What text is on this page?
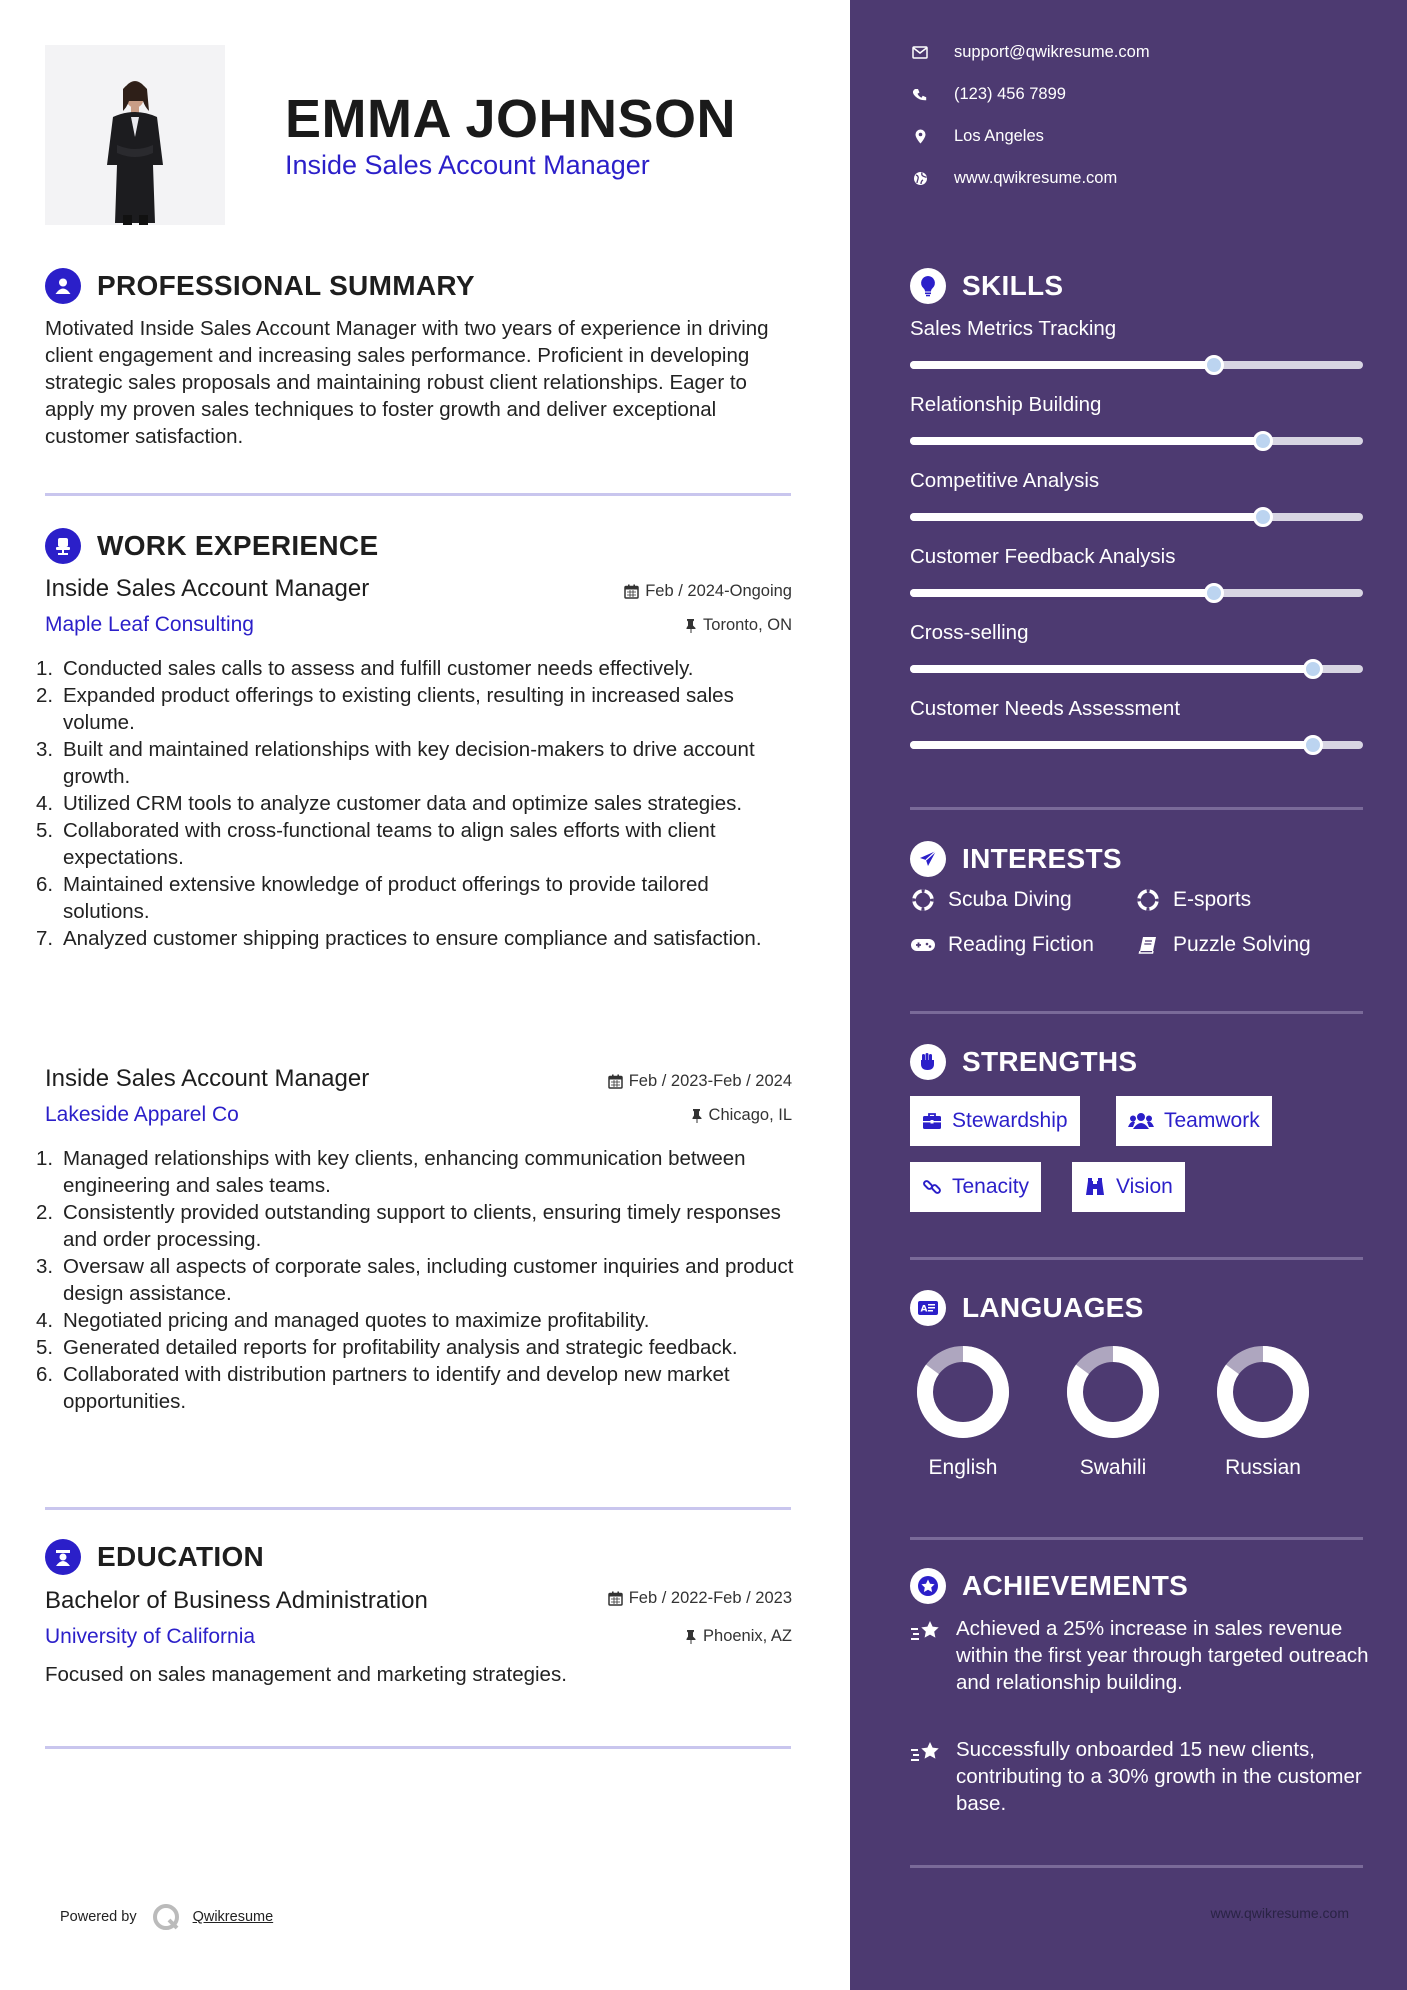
EMMA JOHNSON
Inside Sales Account Manager
PROFESSIONAL SUMMARY
Motivated Inside Sales Account Manager with two years of experience in driving client engagement and increasing sales performance. Proficient in developing strategic sales proposals and maintaining robust client relationships. Eager to apply my proven sales techniques to foster growth and deliver exceptional customer satisfaction.
WORK EXPERIENCE
Inside Sales Account Manager	Feb / 2024-Ongoing
Maple Leaf Consulting	Toronto, ON
1. Conducted sales calls to assess and fulfill customer needs effectively.
2. Expanded product offerings to existing clients, resulting in increased sales volume.
3. Built and maintained relationships with key decision-makers to drive account growth.
4. Utilized CRM tools to analyze customer data and optimize sales strategies.
5. Collaborated with cross-functional teams to align sales efforts with client expectations.
6. Maintained extensive knowledge of product offerings to provide tailored solutions.
7. Analyzed customer shipping practices to ensure compliance and satisfaction.
Inside Sales Account Manager	Feb / 2023-Feb / 2024
Lakeside Apparel Co	Chicago, IL
1. Managed relationships with key clients, enhancing communication between engineering and sales teams.
2. Consistently provided outstanding support to clients, ensuring timely responses and order processing.
3. Oversaw all aspects of corporate sales, including customer inquiries and product design assistance.
4. Negotiated pricing and managed quotes to maximize profitability.
5. Generated detailed reports for profitability analysis and strategic feedback.
6. Collaborated with distribution partners to identify and develop new market opportunities.
EDUCATION
Bachelor of Business Administration	Feb / 2022-Feb / 2023
University of California	Phoenix, AZ
Focused on sales management and marketing strategies.
Powered by	Qwikresume
support@qwikresume.com
(123) 456 7899
Los Angeles
www.qwikresume.com
SKILLS
Sales Metrics Tracking
Relationship Building
Competitive Analysis
Customer Feedback Analysis
Cross-selling
Customer Needs Assessment
INTERESTS
Scuba Diving	E-sports
Reading Fiction	Puzzle Solving
STRENGTHS
Stewardship	Teamwork
Tenacity	Vision
A LANGUAGES
English	Swahili	Russian
ACHIEVEMENTS
Achieved a 25% increase in sales revenue within the first year through targeted outreach and relationship building.
Successfully onboarded 15 new clients, contributing to a 30% growth in the customer base.
www.qwikresume.com
